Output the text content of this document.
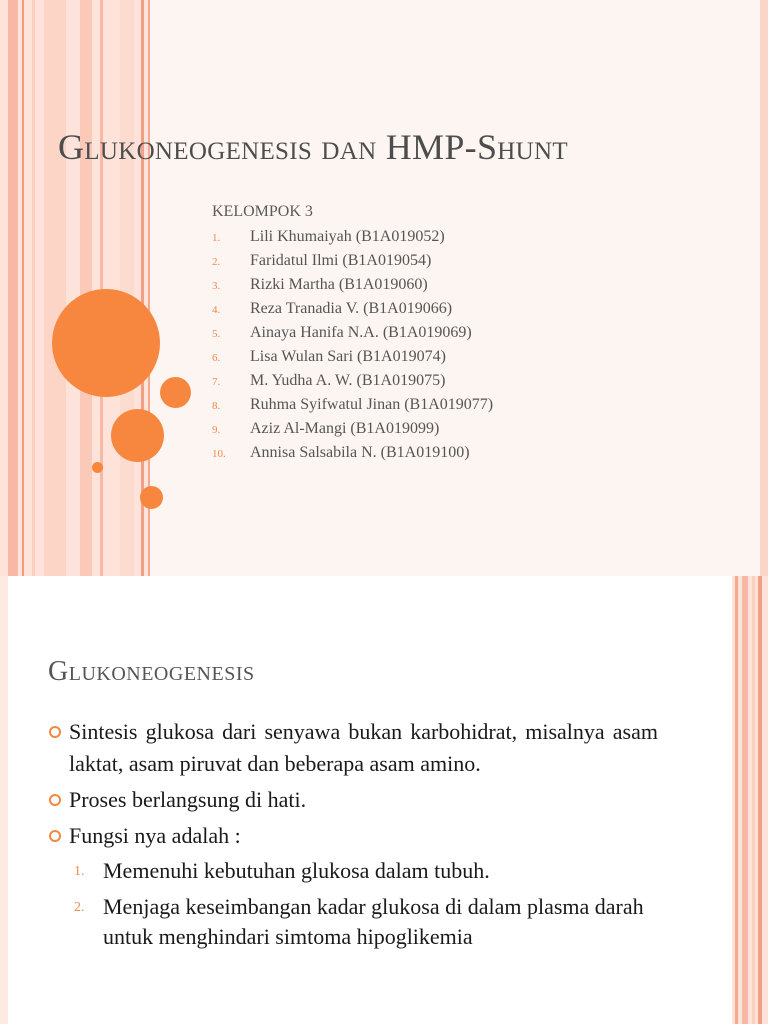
Glukoneogenesis dan HMP-Shunt
KELOMPOK 3
1.	Lili Khumaiyah (B1A019052)
2.	Faridatul Ilmi (B1A019054)
3.	Rizki Martha (B1A019060)
4.	Reza Tranadia V. (B1A019066)
5.	Ainaya Hanifa N.A. (B1A019069)
6.	Lisa Wulan Sari (B1A019074)
7.	M. Yudha A. W. (B1A019075)
8.	Ruhma Syifwatul Jinan (B1A019077)
9.	Aziz Al-Mangi (B1A019099)
10.	Annisa Salsabila N. (B1A019100)
Glukoneogenesis
Sintesis glukosa dari senyawa bukan karbohidrat, misalnya asam laktat, asam piruvat dan beberapa asam amino.
Proses berlangsung di hati.
Fungsi nya adalah :
1. Memenuhi kebutuhan glukosa dalam tubuh.
2. Menjaga keseimbangan kadar glukosa di dalam plasma darah untuk menghindari simtoma hipoglikemia
